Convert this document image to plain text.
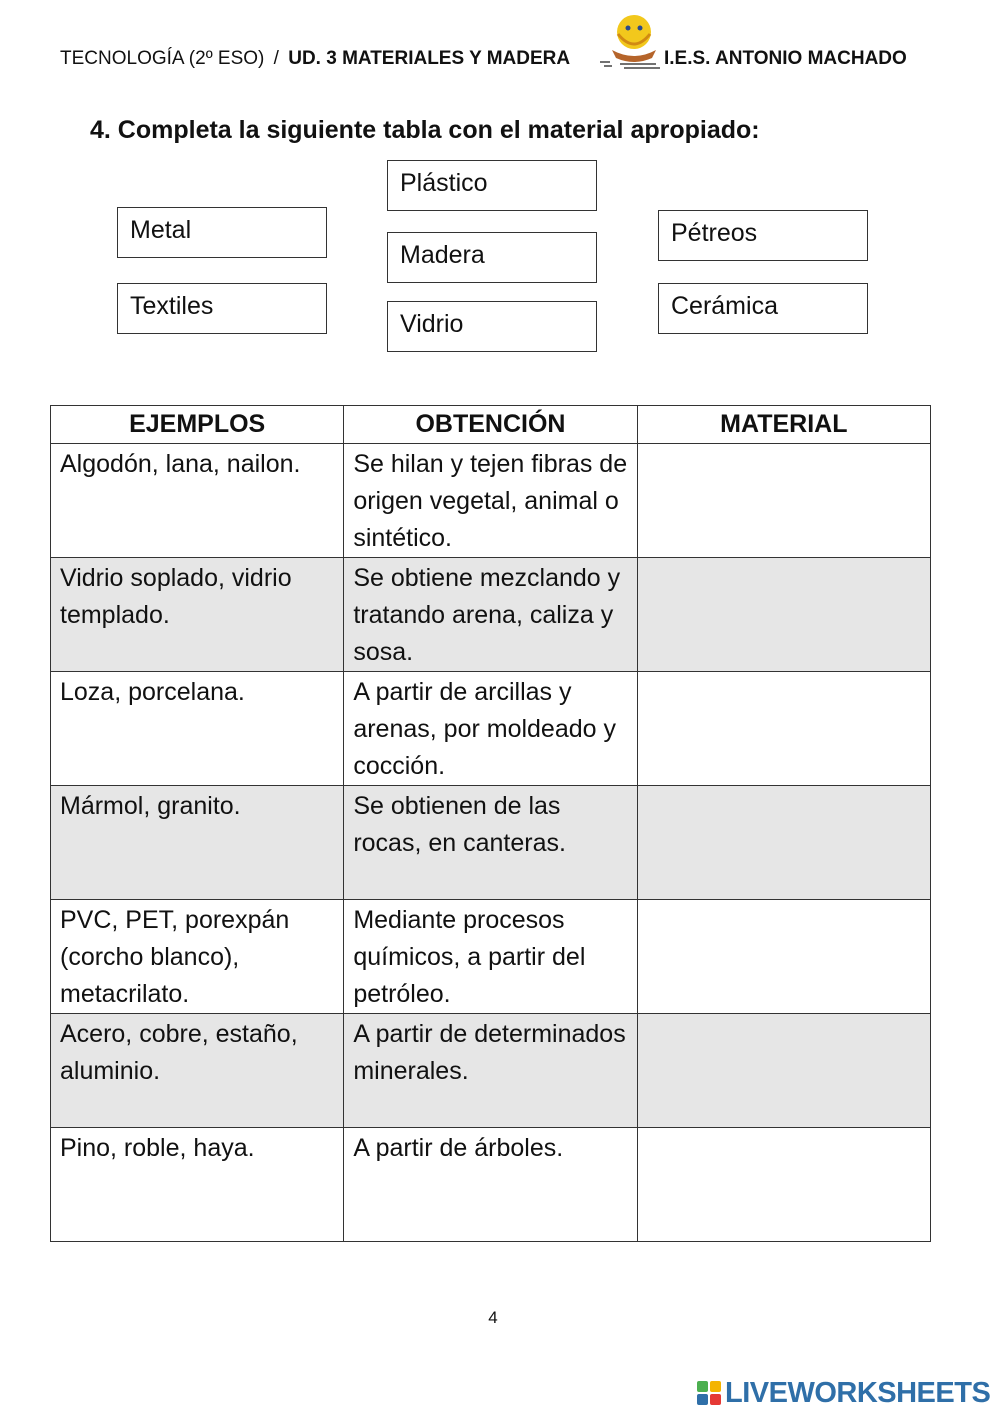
TECNOLOGÍA (2º ESO) / UD. 3 MATERIALES Y MADERA	I.E.S. ANTONIO MACHADO
4. Completa la siguiente tabla con el material apropiado:
Plástico
Metal	Pétreos
Madera
Textiles	Cerámica
Vidrio
EJEMPLOS	OBTENCIÓN	MATERIAL
Algodón, lana, nailon.	Se hilan y tejen fibras de origen vegetal, animal o sintético.	
Vidrio soplado, vidrio templado.	Se obtiene mezclando y tratando arena, caliza y sosa.	
Loza, porcelana.	A partir de arcillas y arenas, por moldeado y cocción.	
Mármol, granito.	Se obtienen de las rocas, en canteras.	
PVC, PET, porexpán (corcho blanco), metacrilato.	Mediante procesos químicos, a partir del petróleo.	
Acero, cobre, estaño, aluminio.	A partir de determinados minerales.	
Pino, roble, haya.	A partir de árboles.	
4
LIVEWORKSHEETS
